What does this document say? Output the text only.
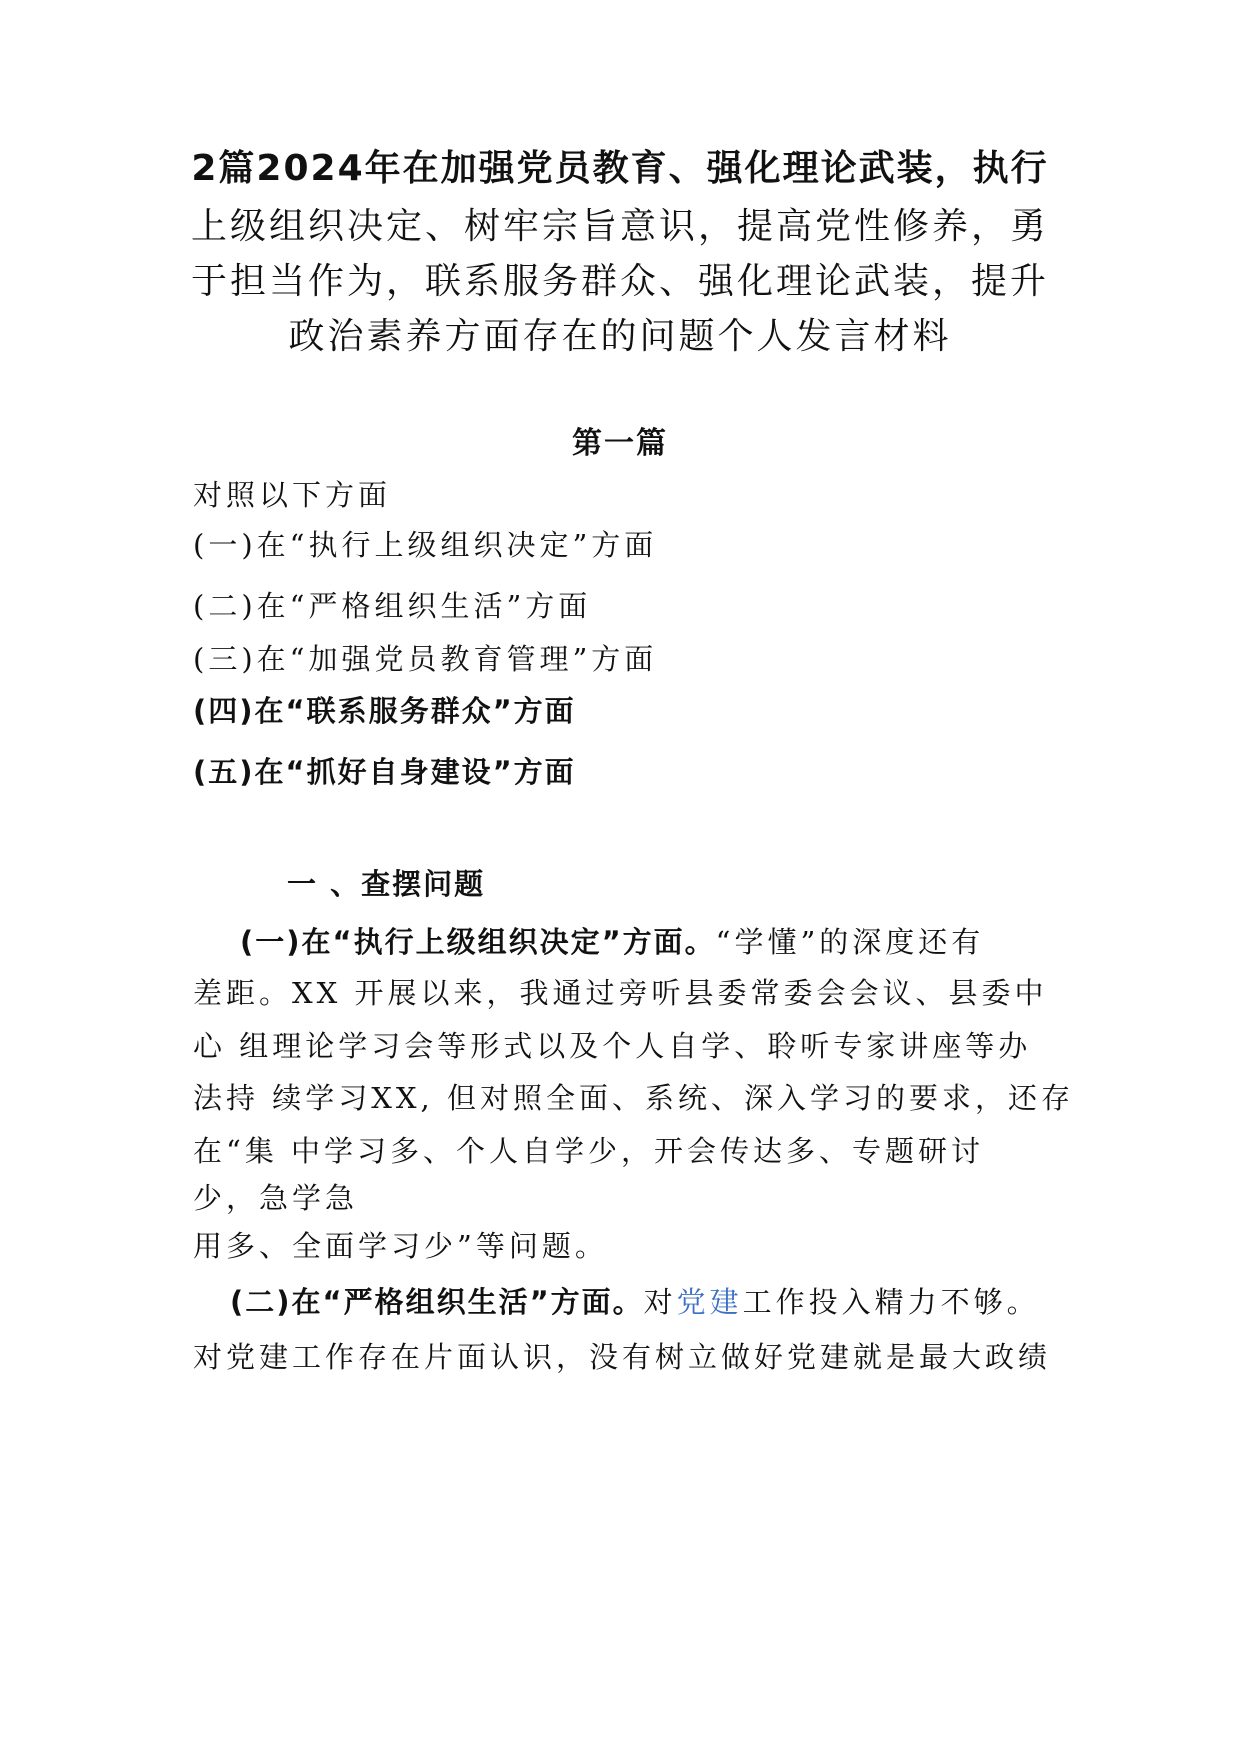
2篇2024年在加强党员教育、强化理论武装，执行
上级组织决定、树牢宗旨意识，提高党性修养，勇
于担当作为，联系服务群众、强化理论武装，提升
政治素养方面存在的问题个人发言材料
第一篇
对照以下方面
(一)在“执行上级组织决定”方面
(二)在“严格组织生活”方面
(三)在“加强党员教育管理”方面
(四)在“联系服务群众”方面
(五)在“抓好自身建设”方面
一 、查摆问题
(一)在“执行上级组织决定”方面。“学懂”的深度还有
差距。XX 开展以来，我通过旁听县委常委会会议、县委中
心 组理论学习会等形式以及个人自学、聆听专家讲座等办
法持 续学习XX, 但对照全面、系统、深入学习的要求，还存
在“集 中学习多、个人自学少，开会传达多、专题研讨
少，急学急
用多、全面学习少”等问题。
(二)在“严格组织生活”方面。对党建工作投入精力不够。
对党建工作存在片面认识，没有树立做好党建就是最大政绩
